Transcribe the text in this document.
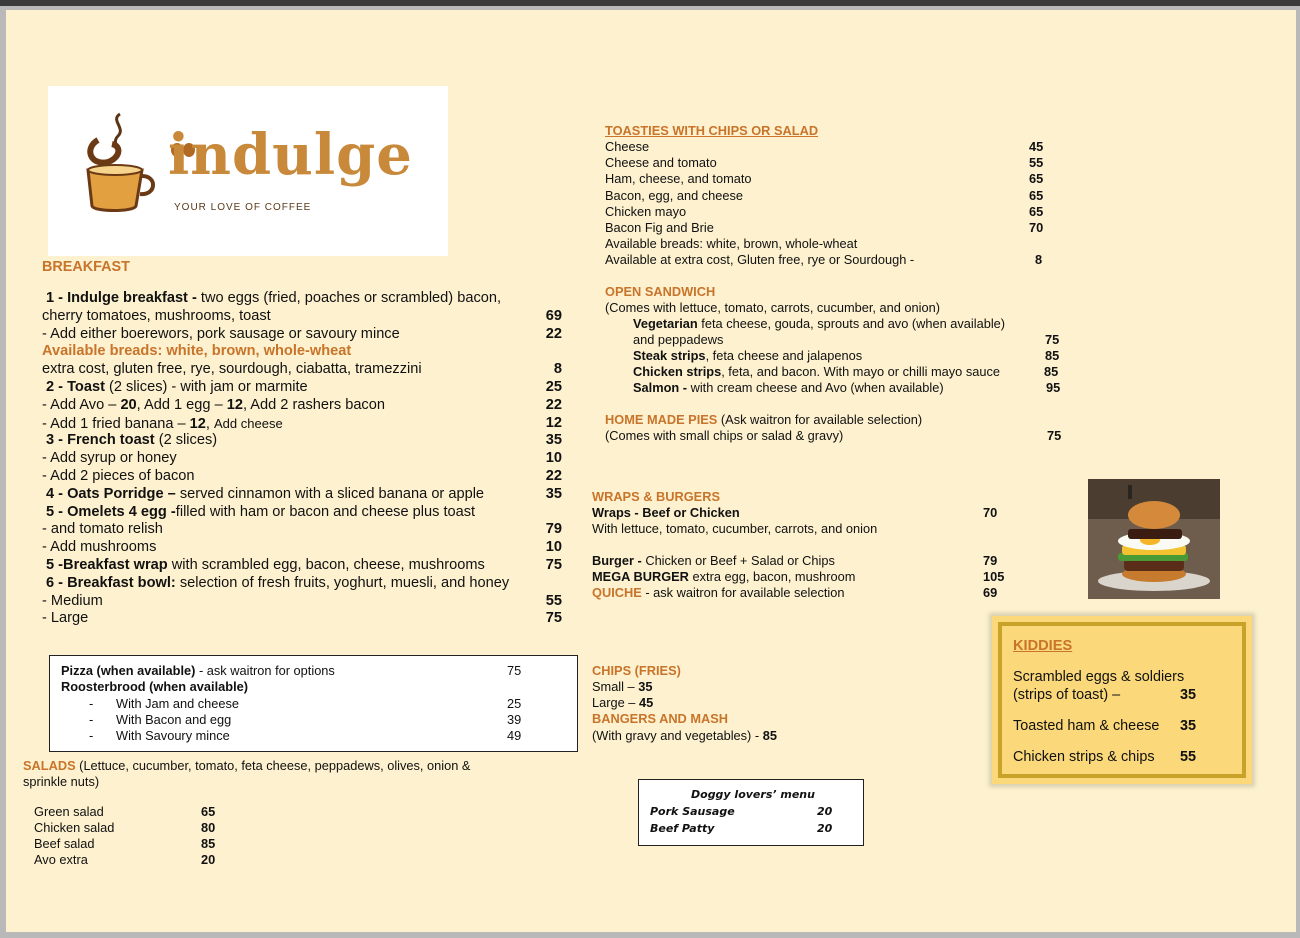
indulge
YOUR LOVE OF COFFEE
BREAKFAST
1 - Indulge breakfast - two eggs (fried, poaches or scrambled) bacon,
cherry tomatoes, mushrooms, toast	69
- Add either boerewors, pork sausage or savoury mince	22
Available breads: white, brown, whole-wheat
extra cost, gluten free, rye, sourdough, ciabatta, tramezzini	8
2 - Toast (2 slices) - with jam or marmite	25
- Add Avo – 20, Add 1 egg – 12, Add 2 rashers bacon	22
- Add 1 fried banana – 12, Add cheese	12
3 - French toast (2 slices)	35
- Add syrup or honey	10
- Add 2 pieces of bacon	22
4 - Oats Porridge – served cinnamon with a sliced banana or apple	35
5 - Omelets 4 egg -filled with ham or bacon and cheese plus toast
- and tomato relish	79
- Add mushrooms	10
5 -Breakfast wrap with scrambled egg, bacon, cheese, mushrooms	75
6 - Breakfast bowl: selection of fresh fruits, yoghurt, muesli, and honey
- Medium	55
- Large	75
Pizza (when available) - ask waitron for options	75
Roosterbrood (when available)
- With Jam and cheese	25
- With Bacon and egg	39
- With Savoury mince	49
SALADS (Lettuce, cucumber, tomato, feta cheese, peppadews, olives, onion &
sprinkle nuts)
Green salad	65
Chicken salad	80
Beef salad	85
Avo extra	20
TOASTIES WITH CHIPS OR SALAD
Cheese	45
Cheese and tomato	55
Ham, cheese, and tomato	65
Bacon, egg, and cheese	65
Chicken mayo	65
Bacon Fig and Brie	70
Available breads: white, brown, whole-wheat
Available at extra cost, Gluten free, rye or Sourdough -	8
OPEN SANDWICH
(Comes with lettuce, tomato, carrots, cucumber, and onion)
Vegetarian feta cheese, gouda, sprouts and avo (when available)
and peppadews	75
Steak strips, feta cheese and jalapenos	85
Chicken strips, feta, and bacon. With mayo or chilli mayo sauce	85
Salmon - with cream cheese and Avo (when available)	95
HOME MADE PIES (Ask waitron for available selection)
(Comes with small chips or salad & gravy)	75
WRAPS & BURGERS
Wraps - Beef or Chicken	70
With lettuce, tomato, cucumber, carrots, and onion
Burger - Chicken or Beef + Salad or Chips	79
MEGA BURGER extra egg, bacon, mushroom	105
QUICHE - ask waitron for available selection	69
CHIPS (FRIES)
Small – 35
Large – 45
BANGERS AND MASH
(With gravy and vegetables) - 85
Doggy lovers’ menu
Pork Sausage	20
Beef Patty	20
KIDDIES
Scrambled eggs & soldiers
(strips of toast) –	35
Toasted ham & cheese 35
Chicken strips & chips 55
